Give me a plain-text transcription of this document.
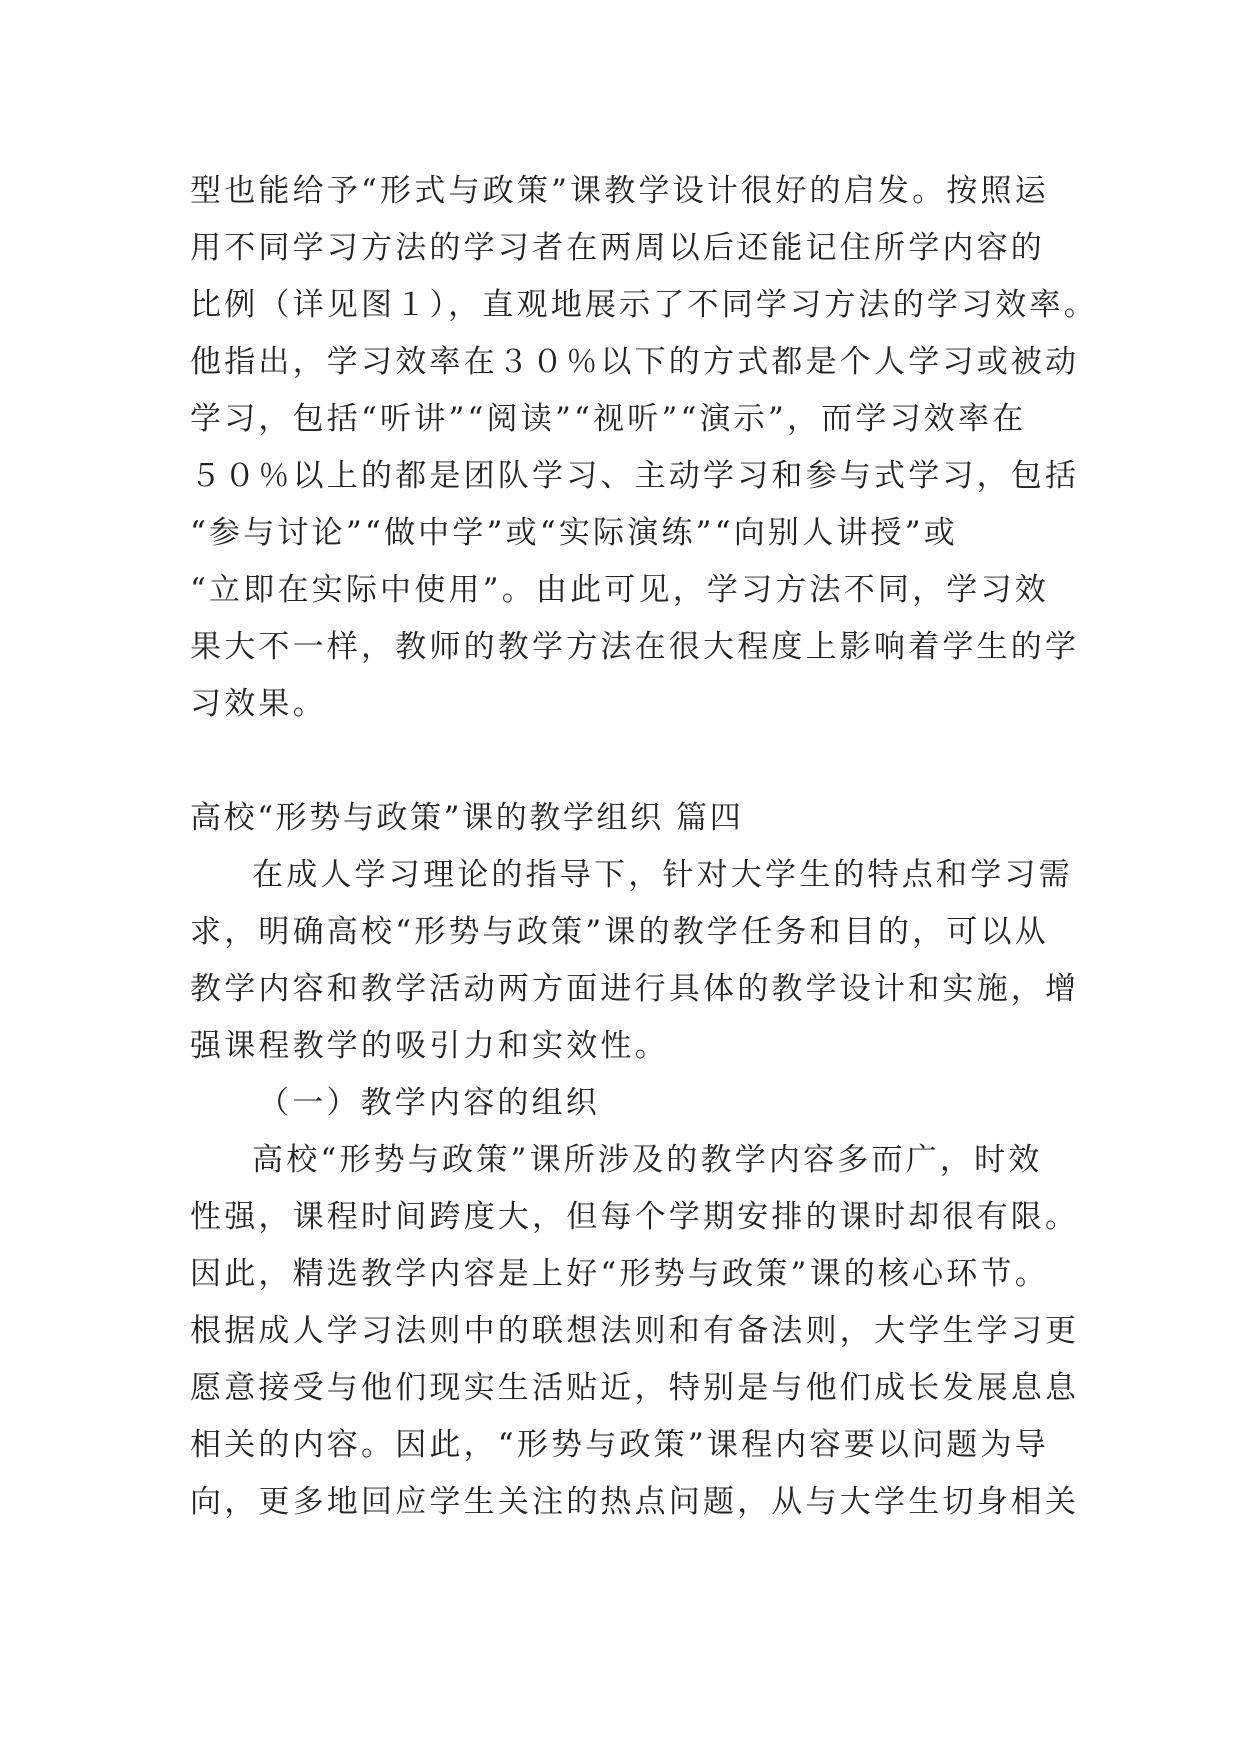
型也能给予“形式与政策”课教学设计很好的启发。按照运
用不同学习方法的学习者在两周以后还能记住所学内容的
比例（详见图１），直观地展示了不同学习方法的学习效率。
他指出，学习效率在３０％以下的方式都是个人学习或被动
学习，包括“听讲”“阅读”“视听”“演示”，而学习效率在
５０％以上的都是团队学习、主动学习和参与式学习，包括
“参与讨论”“做中学”或“实际演练”“向别人讲授”或
“立即在实际中使用”。由此可见，学习方法不同，学习效
果大不一样，教师的教学方法在很大程度上影响着学生的学
习效果。
高校“形势与政策”课的教学组织 篇四
在成人学习理论的指导下，针对大学生的特点和学习需
求，明确高校“形势与政策”课的教学任务和目的，可以从
教学内容和教学活动两方面进行具体的教学设计和实施，增
强课程教学的吸引力和实效性。
（一）教学内容的组织
高校“形势与政策”课所涉及的教学内容多而广，时效
性强，课程时间跨度大，但每个学期安排的课时却很有限。
因此，精选教学内容是上好“形势与政策”课的核心环节。
根据成人学习法则中的联想法则和有备法则，大学生学习更
愿意接受与他们现实生活贴近，特别是与他们成长发展息息
相关的内容。因此，“形势与政策”课程内容要以问题为导
向，更多地回应学生关注的热点问题，从与大学生切身相关
